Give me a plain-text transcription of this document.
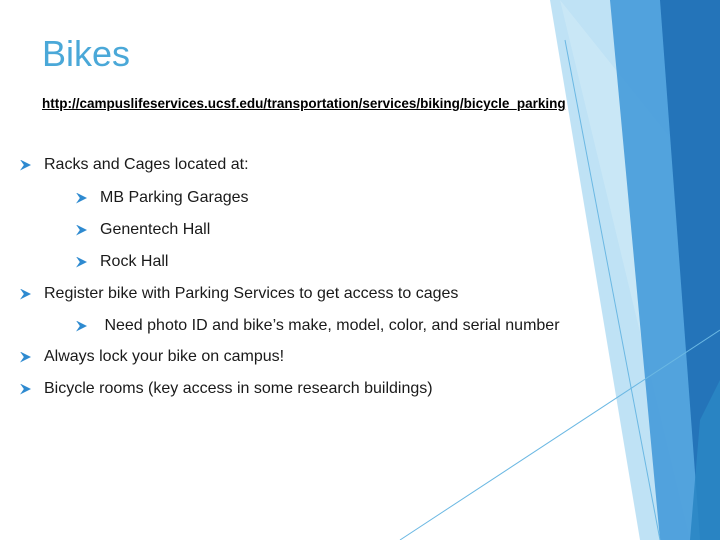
Bikes
http://campuslifeservices.ucsf.edu/transportation/services/biking/bicycle_parking
Racks and Cages located at:
MB Parking Garages
Genentech Hall
Rock Hall
Register bike with Parking Services to get access to cages
Need photo ID and bike’s make, model, color, and serial number
Always lock your bike on campus!
Bicycle rooms (key access in some research buildings)
